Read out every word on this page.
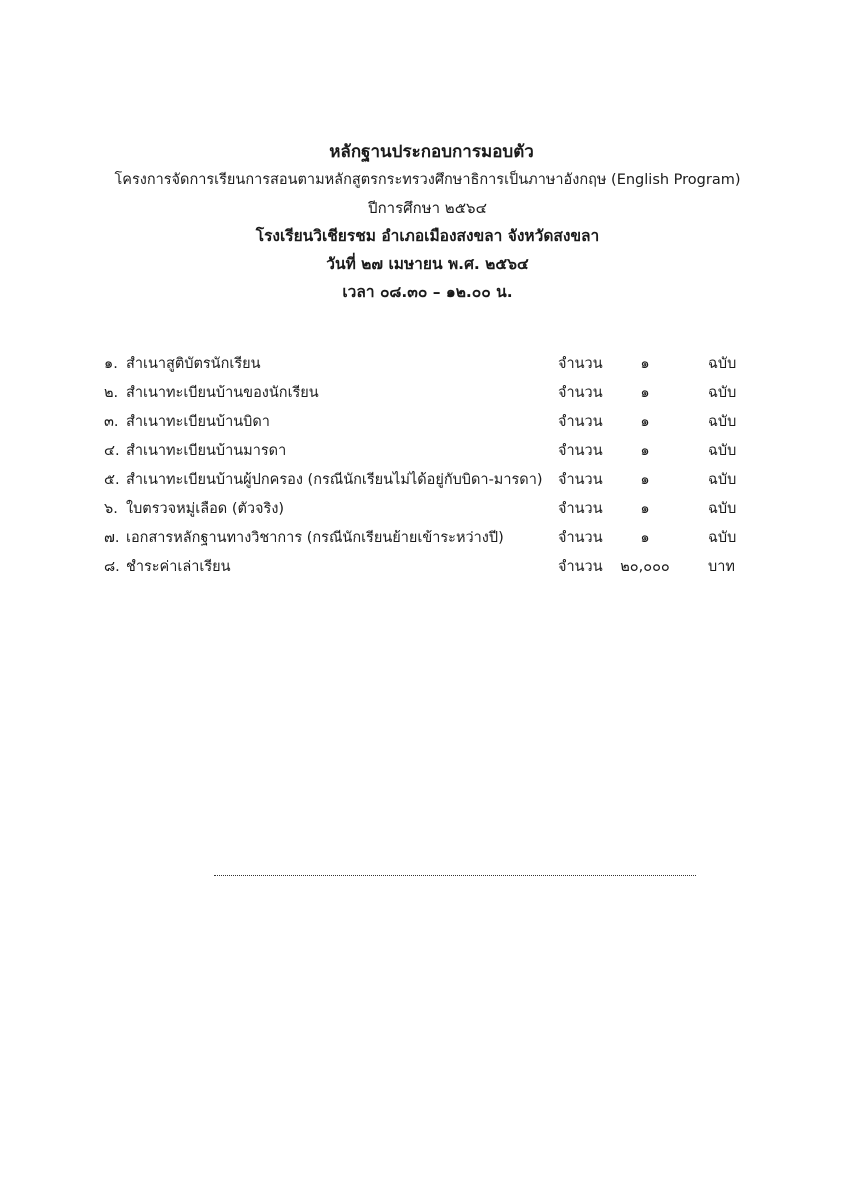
หลักฐานประกอบการมอบตัว
โครงการจัดการเรียนการสอนตามหลักสูตรกระทรวงศึกษาธิการเป็นภาษาอังกฤษ (English Program)
ปีการศึกษา ๒๕๖๔
โรงเรียนวิเชียรชม อำเภอเมืองสงขลา จังหวัดสงขลา
วันที่ ๒๗ เมษายน พ.ศ. ๒๕๖๔
เวลา ๐๘.๓๐ – ๑๒.๐๐ น.
๑. สำเนาสูติบัตรนักเรียน	จำนวน	๑	ฉบับ
๒. สำเนาทะเบียนบ้านของนักเรียน	จำนวน	๑	ฉบับ
๓. สำเนาทะเบียนบ้านบิดา	จำนวน	๑	ฉบับ
๔. สำเนาทะเบียนบ้านมารดา	จำนวน	๑	ฉบับ
๕. สำเนาทะเบียนบ้านผู้ปกครอง (กรณีนักเรียนไม่ได้อยู่กับบิดา-มารดา) จำนวน	๑	ฉบับ
๖. ใบตรวจหมู่เลือด (ตัวจริง)	จำนวน	๑	ฉบับ
๗. เอกสารหลักฐานทางวิชาการ (กรณีนักเรียนย้ายเข้าระหว่างปี)	จำนวน	๑	ฉบับ
๘. ชำระค่าเล่าเรียน	จำนวน	๒๐,๐๐๐	บาท
